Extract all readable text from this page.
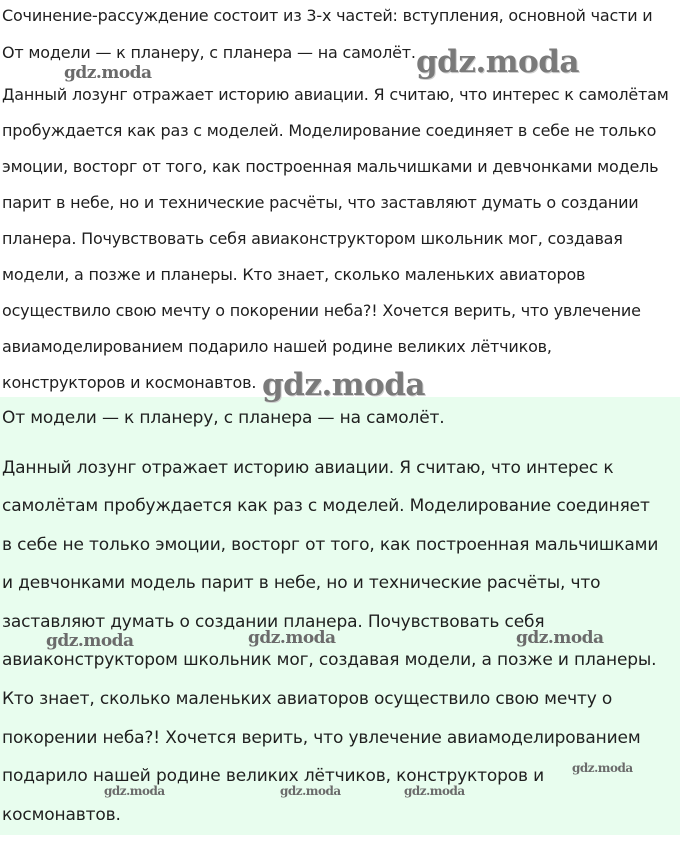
Сочинение-рассуждение состоит из 3-х частей: вступления, основной части и
От модели — к планеру, с планера — на самолёт.
Данный лозунг отражает историю авиации. Я считаю, что интерес к самолётам
пробуждается как раз с моделей. Моделирование соединяет в себе не только
эмоции, восторг от того, как построенная мальчишками и девчонками модель
парит в небе, но и технические расчёты, что заставляют думать о создании
планера. Почувствовать себя авиаконструктором школьник мог, создавая
модели, а позже и планеры. Кто знает, сколько маленьких авиаторов
осуществило свою мечту о покорении неба?! Хочется верить, что увлечение
авиамоделированием подарило нашей родине великих лётчиков,
конструкторов и космонавтов.
От модели — к планеру, с планера — на самолёт.
Данный лозунг отражает историю авиации. Я считаю, что интерес к
самолётам пробуждается как раз с моделей. Моделирование соединяет
в себе не только эмоции, восторг от того, как построенная мальчишками
и девчонками модель парит в небе, но и технические расчёты, что
заставляют думать о создании планера. Почувствовать себя
авиаконструктором школьник мог, создавая модели, а позже и планеры.
Кто знает, сколько маленьких авиаторов осуществило свою мечту о
покорении неба?! Хочется верить, что увлечение авиамоделированием
подарило нашей родине великих лётчиков, конструкторов и
космонавтов.
gdz.moda	gdz.moda
gdz.moda
gdz.moda	gdz.moda	gdz.moda
gdz.moda
gdz.moda	gdz.moda	gdz.moda
